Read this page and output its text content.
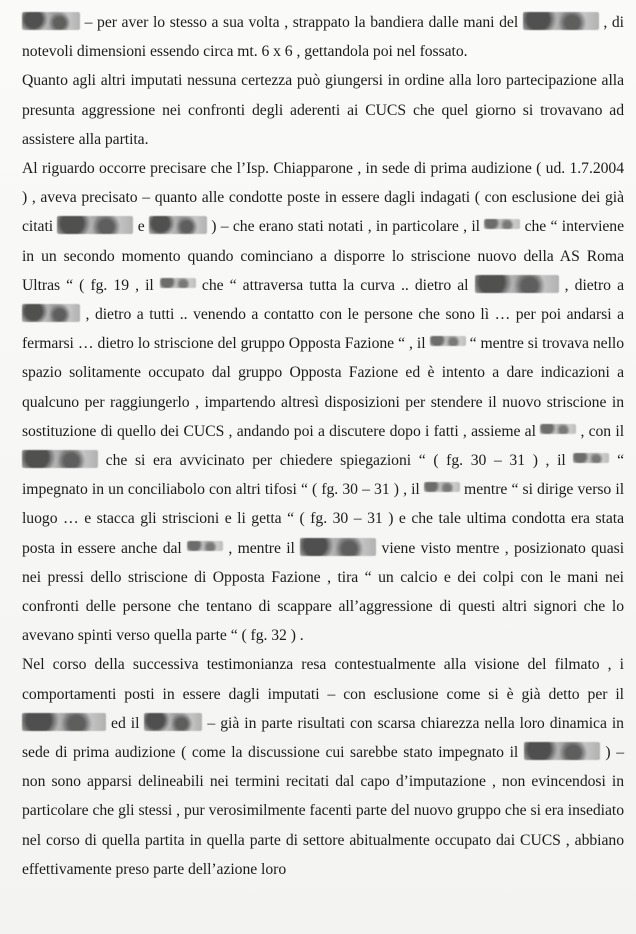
– per aver lo stesso a sua volta , strappato la bandiera dalle mani del	, di notevoli dimensioni essendo circa mt. 6 x 6 , gettandola poi nel fossato.

Quanto agli altri imputati nessuna certezza può giungersi in ordine alla loro partecipazione alla presunta aggressione nei confronti degli aderenti ai CUCS che quel giorno si trovavano ad assistere alla partita.

Al riguardo occorre precisare che l’Isp. Chiapparone , in sede di prima audizione ( ud. 1.7.2004 ) , aveva precisato – quanto alle condotte poste in essere dagli indagati ( con esclusione dei già citati	e	) – che erano stati notati , in particolare , il  che “ interviene in un secondo momento quando cominciano a disporre lo striscione nuovo della AS Roma Ultras “ ( fg. 19 , il  che “ attraversa tutta la curva .. dietro al	, dietro a  , dietro a tutti .. venendo a contatto con le persone che sono lì … per poi andarsi a fermarsi … dietro lo striscione del gruppo Opposta Fazione “ , il  “ mentre si trovava nello spazio solitamente occupato dal gruppo Opposta Fazione ed è intento a dare indicazioni a qualcuno per raggiungerlo , impartendo altresì disposizioni per stendere il nuovo striscione in sostituzione di quello dei CUCS , andando poi a discutere dopo i fatti , assieme al  , con il  che si era avvicinato per chiedere spiegazioni “ ( fg. 30 – 31 ) , il  “ impegnato in un conciliabolo con altri tifosi “ ( fg. 30 – 31 ) , il  mentre “ si dirige verso il luogo … e stacca gli striscioni e li getta “ ( fg. 30 – 31 ) e che tale ultima condotta era stata posta in essere anche dal  , mentre il	viene visto mentre , posizionato quasi nei pressi dello striscione di Opposta Fazione , tira “ un calcio e dei colpi con le mani nei confronti delle persone che tentano di scappare all’aggressione di questi altri signori che lo avevano spinti verso quella parte “ ( fg. 32 ) .

Nel corso della successiva testimonianza resa contestualmente alla visione del filmato , i comportamenti posti in essere dagli imputati – con esclusione come si è già detto per il  ed il	– già in parte risultati con scarsa chiarezza nella loro dinamica in sede di prima audizione ( come la discussione cui sarebbe stato impegnato il	) – non sono apparsi delineabili nei termini recitati dal capo d’imputazione , non evincendosi in particolare che gli stessi , pur verosimilmente facenti parte del nuovo gruppo che si era insediato nel corso di quella partita in quella parte di settore abitualmente occupato dai CUCS , abbiano effettivamente preso parte dell’azione loro
